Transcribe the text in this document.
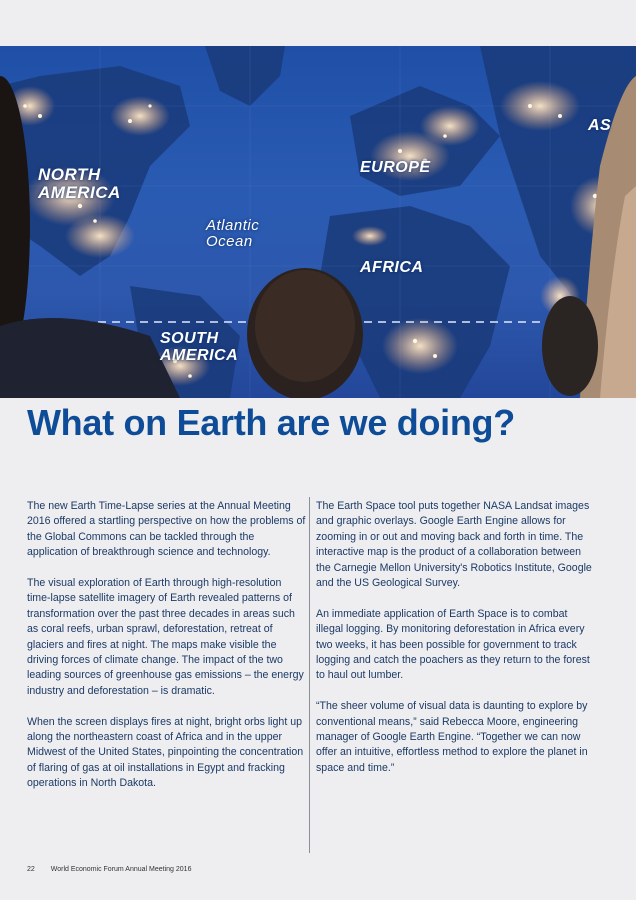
NORTH
AMERICA
Atlantic
Ocean
EUROPE
AFRICA
SOUTH
AMERICA
AS
What on Earth are we doing?

The new Earth Time-Lapse series at the Annual Meeting 2016 offered a startling perspective on how the problems of the Global Commons can be tackled through the application of breakthrough science and technology.

The visual exploration of Earth through high-resolution time-lapse satellite imagery of Earth revealed patterns of transformation over the past three decades in areas such as coral reefs, urban sprawl, deforestation, retreat of glaciers and fires at night. The maps make visible the driving forces of climate change. The impact of the two leading sources of greenhouse gas emissions – the energy industry and deforestation – is dramatic.

When the screen displays fires at night, bright orbs light up along the northeastern coast of Africa and in the upper Midwest of the United States, pinpointing the concentration of flaring of gas at oil installations in Egypt and fracking operations in North Dakota.

The Earth Space tool puts together NASA Landsat images and graphic overlays. Google Earth Engine allows for zooming in or out and moving back and forth in time. The interactive map is the product of a collaboration between the Carnegie Mellon University's Robotics Institute, Google and the US Geological Survey.

An immediate application of Earth Space is to combat illegal logging. By monitoring deforestation in Africa every two weeks, it has been possible for government to track logging and catch the poachers as they return to the forest to haul out lumber.

“The sheer volume of visual data is daunting to explore by conventional means,” said Rebecca Moore, engineering manager of Google Earth Engine. “Together we can now offer an intuitive, effortless method to explore the planet in space and time.”

22 World Economic Forum Annual Meeting 2016
